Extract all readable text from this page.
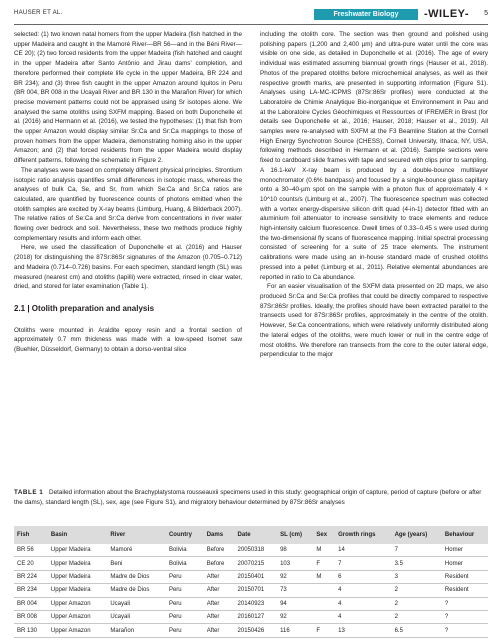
HAUSER ET AL.	Freshwater Biology	-WILEY- 5

selected: (1) two known natal homers from the upper Madeira (fish hatched in the upper Madeira and caught in the Mamoré River—BR 56—and in the Béni River—CE 20); (2) two forced residents from the upper Madeira (fish hatched and caught in the upper Madeira after Santo Antônio and Jirau dams' completion, and therefore performed their complete life cycle in the upper Madeira, BR 224 and BR 234); and (3) three fish caught in the upper Amazon around Iquitos in Peru (BR 004, BR 008 in the Ucayali River and BR 130 in the Marañon River) for which precise movement patterns could not be appraised using Sr isotopes alone. We analysed the same otoliths using SXFM mapping. Based on both Duponchelle et al. (2016) and Hermann et al. (2016), we tested the hypotheses: (1) that fish from the upper Amazon would display similar Sr:Ca and Sr:Ca mappings to those of proven homers from the upper Madeira, demonstrating homing also in the upper Amazon; and (2) that forced residents from the upper Madeira would display different patterns, following the schematic in Figure 2.

The analyses were based on completely different physical principles. Strontium isotopic ratio analysis quantifies small differences in isotopic mass, whereas the analyses of bulk Ca, Se, and Sr, from which Se:Ca and Sr:Ca ratios are calculated, are quantified by fluorescence counts of photons emitted when the otolith samples are excited by X-ray beams (Limburg, Huang, & Bilderback 2007). The relative ratios of Se:Ca and Sr:Ca derive from concentrations in river water flowing over bedrock and soil. Nevertheless, these two methods produce highly complementary results and inform each other.

Here, we used the classification of Duponchelle et al. (2016) and Hauser (2018) for distinguishing the 87Sr:86Sr signatures of the Amazon (0.705–0.712) and Madeira (0.714–0.726) basins. For each specimen, standard length (SL) was measured (nearest cm) and otoliths (lapilli) were extracted, rinsed in clear water, dried, and stored for later examination (Table 1).

2.1 | Otolith preparation and analysis

Otoliths were mounted in Araldite epoxy resin and a frontal section of approximately 0.7 mm thickness was made with a low-speed Isomet saw (Buehler, Düsseldorf, Germany) to obtain a dorso-ventral slice

including the otolith core. The section was then ground and polished using polishing papers (1,200 and 2,400 µm) and ultra-pure water until the core was visible on one side, as detailed in Duponchelle et al. (2016). The age of every individual was estimated assuming biannual growth rings (Hauser et al., 2018). Photos of the prepared otoliths before microchemical analyses, as well as their respective growth marks, are presented in supporting information (Figure S1). Analyses using LA-MC-ICPMS (87Sr:86Sr profiles) were conducted at the Laboratoire de Chimie Analytique Bio-inorganique et Environnement in Pau and at the Laboratoire Cycles Géochimiques et Ressources of IFREMER in Brest (for details see Duponchelle et al., 2016; Hauser, 2018; Hauser et al., 2019). All samples were re-analysed with SXFM at the F3 Beamline Station at the Cornell High Energy Synchrotron Source (CHESS), Cornell University, Ithaca, NY, USA, following methods described in Hermann et al. (2016). Sample sections were fixed to cardboard slide frames with tape and secured with clips prior to sampling. A 16.1-keV X-ray beam is produced by a double-bounce multilayer monochromator (0.6% bandpass) and focused by a single-bounce glass capillary onto a 30–40-µm spot on the sample with a photon flux of approximately 4 × 10^10 counts/s (Limburg et al., 2007). The fluorescence spectrum was collected with a vortex energy-dispersive silicon drift quad (4-in-1) detector fitted with an aluminium foil attenuator to increase sensitivity to trace elements and reduce high-intensity calcium fluorescence. Dwell times of 0.33–0.45 s were used during the two-dimensional fly scans of fluorescence mapping. Initial spectral processing consisted of screening for a suite of 25 trace elements. The instrument calibrations were made using an in-house standard made of crushed otoliths pressed into a pellet (Limburg et al., 2011). Relative elemental abundances are reported in ratio to Ca abundance.

For an easier visualisation of the SXFM data presented on 2D maps, we also produced Sr:Ca and Se:Ca profiles that could be directly compared to respective 87Sr:86Sr profiles. Ideally, the profiles should have been extracted parallel to the transects used for 87Sr:86Sr profiles, approximately in the centre of the otolith. However, Se:Ca concentrations, which were relatively uniformly distributed along the lateral edges of the otoliths, were much lower or null in the centre edge of most otoliths. We therefore ran transects from the core to the outer lateral edge, perpendicular to the major

TABLE 1 Detailed information about the Brachyplatystoma rousseauxii specimens used in this study: geographical origin of capture, period of capture (before or after the dams), standard length (SL), sex, age (see Figure S1), and migratory behaviour determined by 87Sr:86Sr analyses
Fish	Basin	River	Country	Dams	Date	SL (cm)	Sex	Growth rings	Age (years)	Behaviour
BR 56	Upper Madeira	Mamoré	Bolivia	Before	20050318	98	M	14	7	Homer
CE 20	Upper Madeira	Beni	Bolivia	Before	20070215	103	F	7	3.5	Homer
BR 224	Upper Madeira	Madre de Dios	Peru	After	20150401	92	M	6	3	Resident
BR 234	Upper Madeira	Madre de Dios	Peru	After	20150701	73		4	2	Resident
BR 004	Upper Amazon	Ucayali	Peru	After	20140923	94		4	2	?
BR 008	Upper Amazon	Ucayali	Peru	After	20160127	92		4	2	?
BR 130	Upper Amazon	Marañon	Peru	After	20150426	116	F	13	6.5	?
